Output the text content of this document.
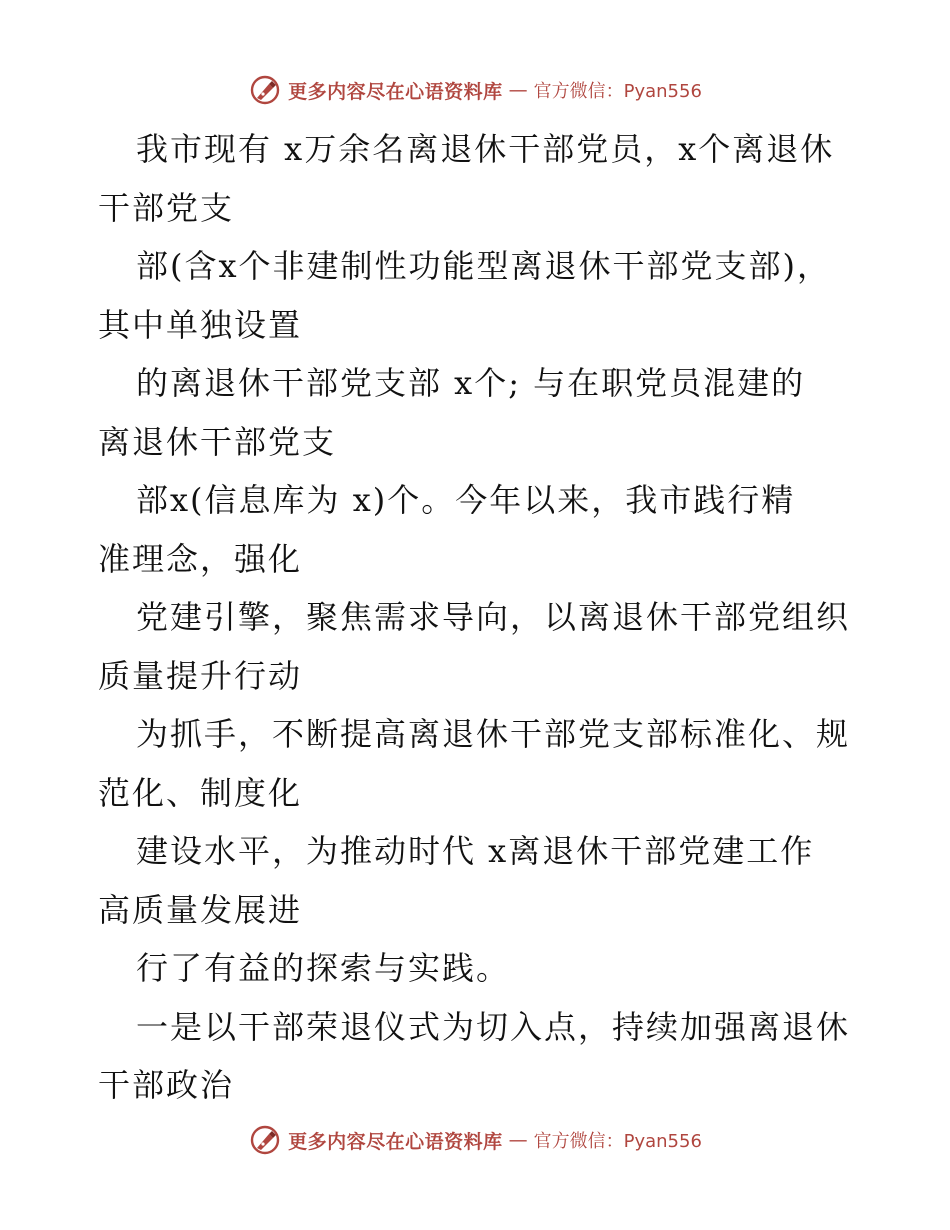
更多内容尽在心语资料库 — 官方微信：Pyan556

我市现有 x万余名离退休干部党员，x个离退休
干部党支

部(含x个非建制性功能型离退休干部党支部)，
其中单独设置

的离退休干部党支部 x个; 与在职党员混建的
离退休干部党支

部x(信息库为 x)个。今年以来，我市践行精
准理念，强化

党建引擎，聚焦需求导向，以离退休干部党组织
质量提升行动

为抓手，不断提高离退休干部党支部标准化、规
范化、制度化

建设水平，为推动时代 x离退休干部党建工作
高质量发展进

行了有益的探索与实践。

一是以干部荣退仪式为切入点，持续加强离退休
干部政治

更多内容尽在心语资料库 — 官方微信：Pyan556
